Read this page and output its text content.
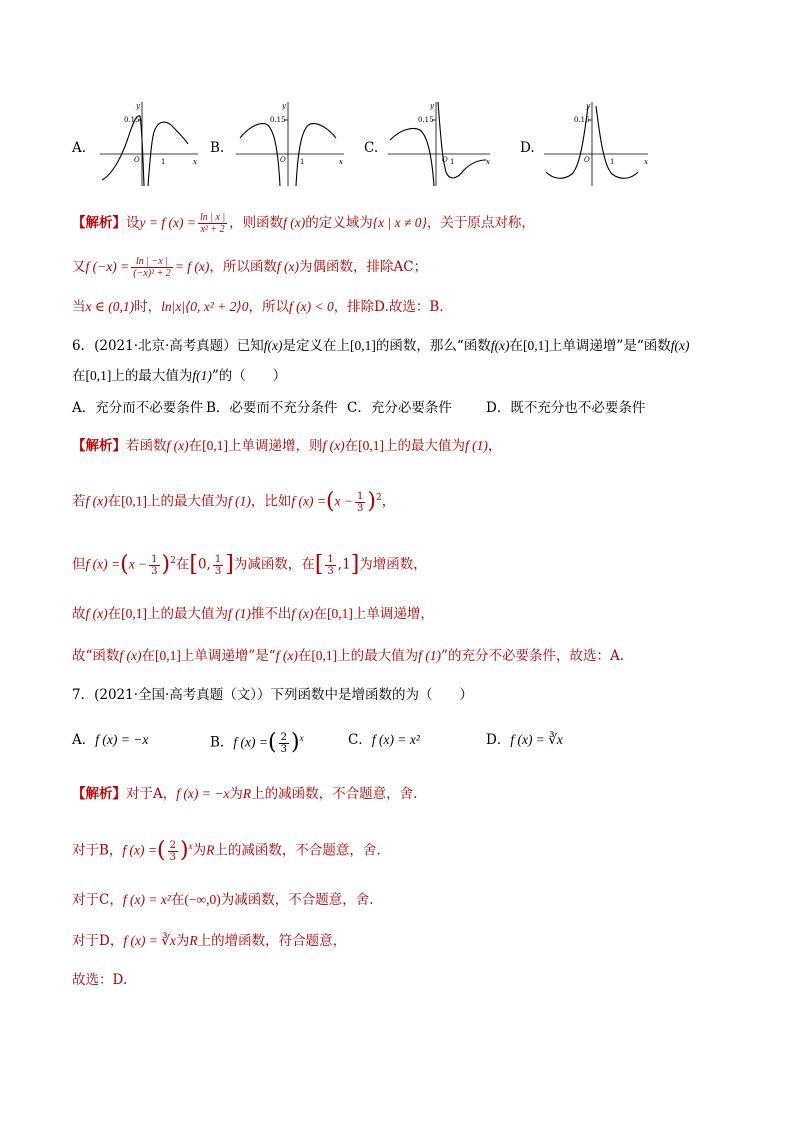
A.
y
x
O
0.15
1
B.
y
x
O
0.15
1
C.
y
x
O
0.15
1
D.
y
x
O
0.15
1
【解析】设y = f $(x) = \frac{\ln | x |}{\text{x² + 2}}$ ，则函数f (x)的定义域为{x | x ≠ 0}，关于原点对称，
又f $(-x) = \frac{\ln | -x |}{\text{(−x)² + 2}} = f$ (x)，所以函数f (x)为偶函数，排除AC；
当x ∈ (0,1)时，ln|x|⟨0, x² + 2⟩0，所以f (x) < 0，排除D.故选：B.
6．(2021·北京·高考真题）已知f(x)是定义在上[0,1]的函数，那么“函数f(x)在[0,1]上单调递增”是“函数f(x)
在[0,1]上的最大值为f(1)”的（　　）
A．充分而不必要条件 B．必要而不充分条件 C．充分必要条件	D．既不充分也不必要条件
【解析】若函数f (x)在[0,1]上单调递增，则f (x)在[0,1]上的最大值为f (1)，
若f (x)在[0,1]上的最大值为f (1)，比如f $(x) =(x - \frac{1}{3} )^2$，
但f $(x) =(x - \frac{1}{3} )^2$在[0, $\frac{1}{3}$ ]为减函数，在[ $\frac{1}{3} ,1$]为增函数，
故f (x)在[0,1]上的最大值为f (1)推不出f (x)在[0,1]上单调递增，
故“函数f (x)在[0,1]上单调递增”是“f (x)在[0,1]上的最大值为f (1)”的充分不必要条件，故选：A.
7．(2021·全国·高考真题（文））下列函数中是增函数的为（　　）
A．f (x) = −x	B．f (x) =( $\frac{2}{3} )^x$	C．f (x) = x²	D．f (x) = ∛x
【解析】对于A，f (x) = −x为R上的减函数，不合题意，舍.
对于B，f (x) =( $\frac{2}{3} )^x$为R上的减函数，不合题意，舍.
对于C，f (x) = x²在(−∞,0)为减函数，不合题意，舍.
对于D，f (x) = ∛x为R上的增函数，符合题意，
故选：D.
